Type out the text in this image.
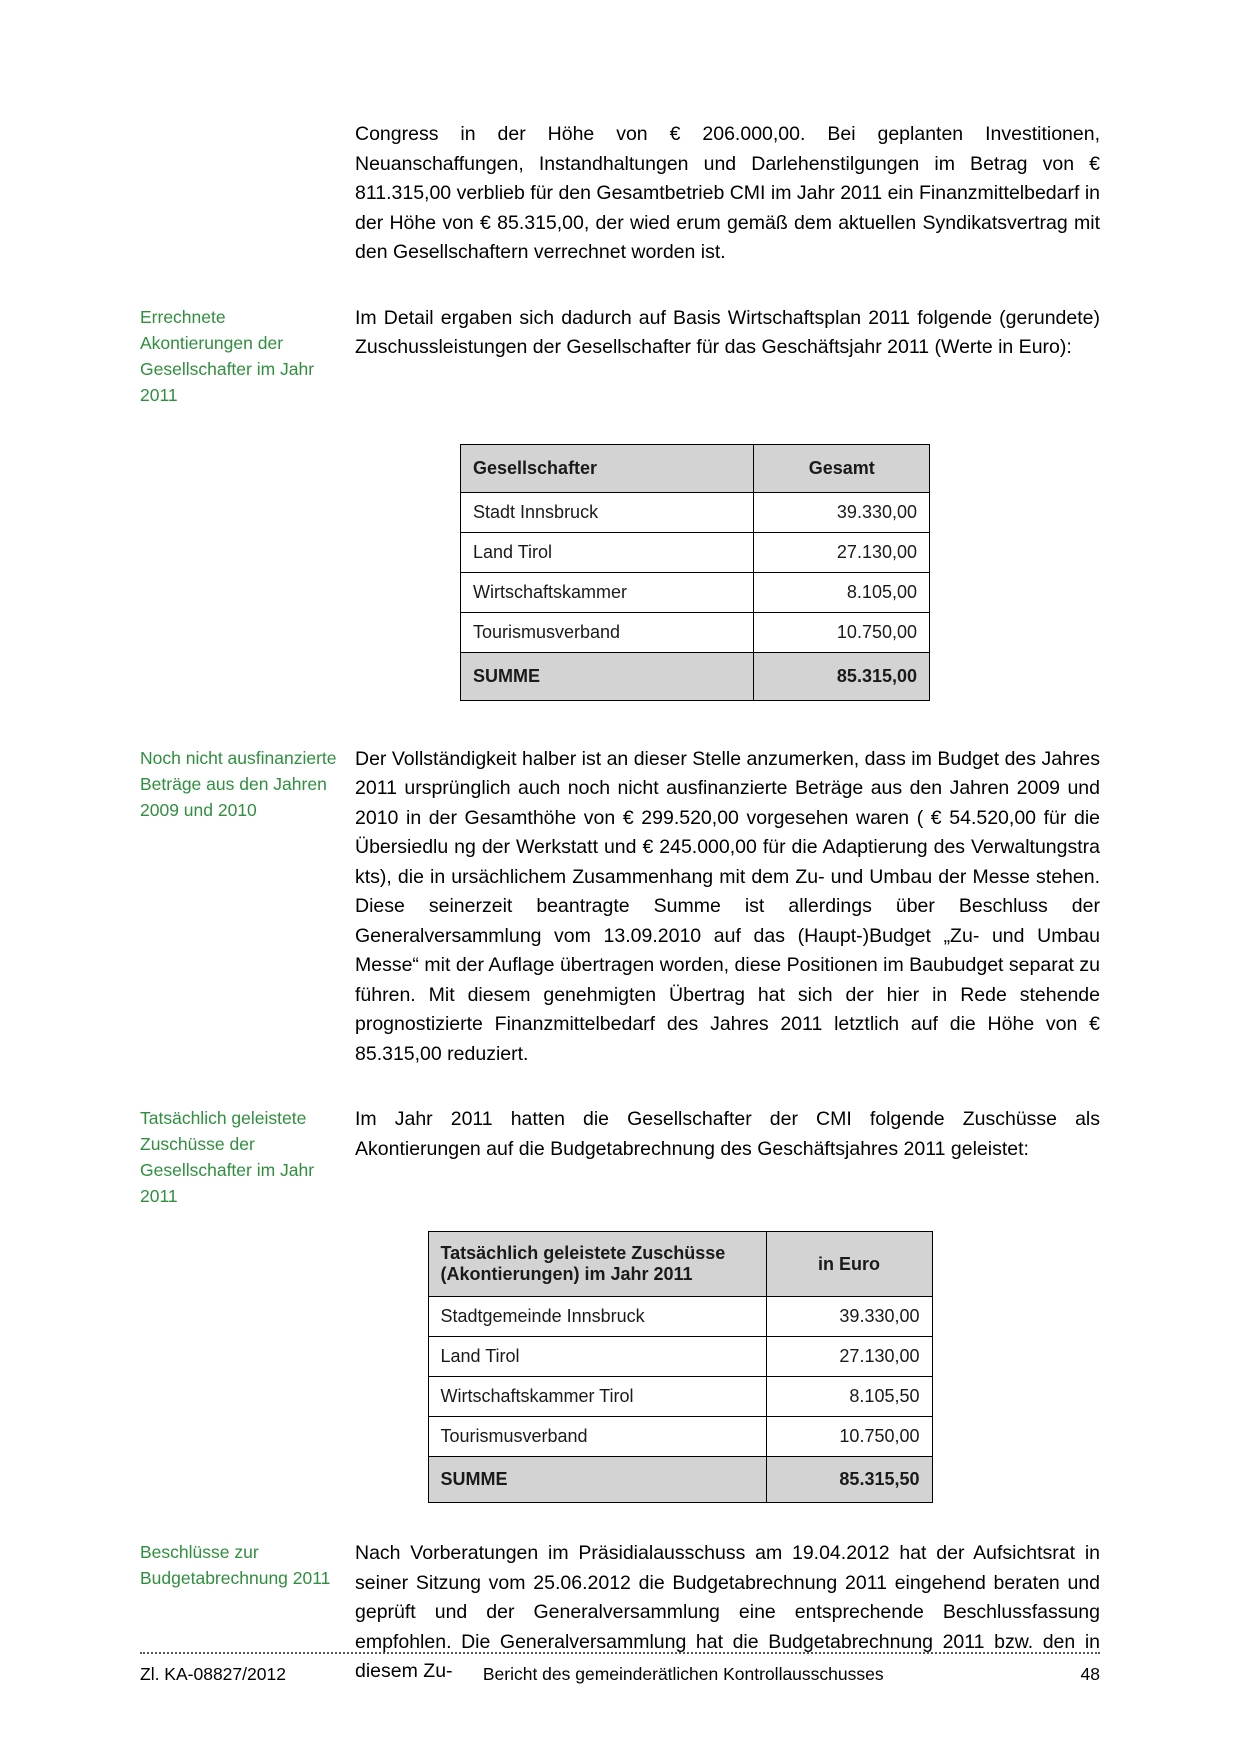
Congress in der Höhe von € 206.000,00. Bei geplanten Investitionen, Neuanschaffungen, Instandhaltungen und Darlehenstilgungen im Betrag von € 811.315,00 verblieb für den Gesamtbetrieb CMI im Jahr 2011 ein Finanzmittelbedarf in der Höhe von € 85.315,00, der wied erum gemäß dem aktuellen Syndikatsvertrag mit den Gesellschaftern verrechnet worden ist.

Errechnete Akontierungen der Gesellschafter im Jahr 2011

Im Detail ergaben sich dadurch auf Basis Wirtschaftsplan 2011 folgende (gerundete) Zuschussleistungen der Gesellschafter für das Geschäftsjahr 2011 (Werte in Euro):

Gesellschafter	Gesamt
Stadt Innsbruck	39.330,00
Land Tirol	27.130,00
Wirtschaftskammer	8.105,00
Tourismusverband	10.750,00
SUMME	85.315,00
Noch nicht ausfinanzierte Beträge aus den Jahren 2009 und 2010

Der Vollständigkeit halber ist an dieser Stelle anzumerken, dass im Budget des Jahres 2011 ursprünglich auch noch nicht ausfinanzierte Beträge aus den Jahren 2009 und 2010 in der Gesamthöhe von € 299.520,00 vorgesehen waren ( € 54.520,00 für die Übersiedlu ng der Werkstatt und € 245.000,00 für die Adaptierung des Verwaltungstra kts), die in ursächlichem Zusammenhang mit dem Zu- und Umbau der Messe stehen. Diese seinerzeit beantragte Summe ist allerdings über Beschluss der Generalversammlung vom 13.09.2010 auf das (Haupt-)Budget „Zu- und Umbau Messe“ mit der Auflage übertragen worden, diese Positionen im Baubudget separat zu führen. Mit diesem genehmigten Übertrag hat sich der hier in Rede stehende prognostizierte Finanzmittelbedarf des Jahres 2011 letztlich auf die Höhe von € 85.315,00 reduziert.

Tatsächlich geleistete Zuschüsse der Gesellschafter im Jahr 2011

Im Jahr 2011 hatten die Gesellschafter der CMI folgende Zuschüsse als Akontierungen auf die Budgetabrechnung des Geschäftsjahres 2011 geleistet:

Tatsächlich geleistete Zuschüsse (Akontierungen) im Jahr 2011	in Euro
Stadtgemeinde Innsbruck	39.330,00
Land Tirol	27.130,00
Wirtschaftskammer Tirol	8.105,50
Tourismusverband	10.750,00
SUMME	85.315,50
Beschlüsse zur Budgetabrechnung 2011

Nach Vorberatungen im Präsidialausschuss am 19.04.2012 hat der Aufsichtsrat in seiner Sitzung vom 25.06.2012 die Budgetabrechnung 2011 eingehend beraten und geprüft und der Generalversammlung eine entsprechende Beschlussfassung empfohlen. Die Generalversammlung hat die Budgetabrechnung 2011 bzw. den in diesem Zu-

Zl. KA-08827/2012	Bericht des gemeinderätlichen Kontrollausschusses	48
